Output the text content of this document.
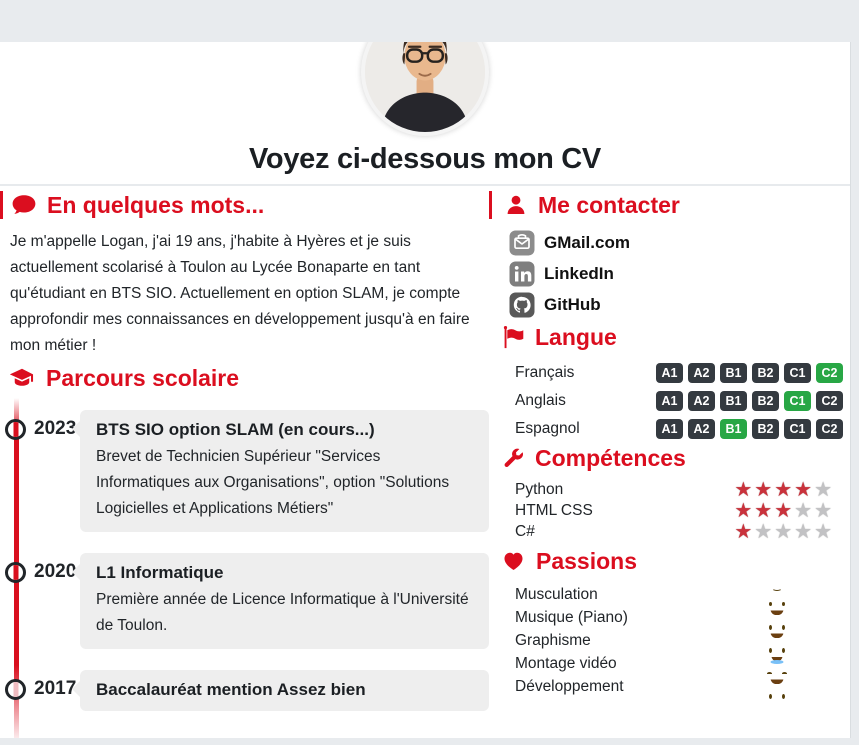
Voyez ci-dessous mon CV
En quelques mots...

Je m'appelle Logan, j'ai 19 ans, j'habite à Hyères et je suis actuellement scolarisé à Toulon au Lycée Bonaparte en tant qu'étudiant en BTS SIO. Actuellement en option SLAM, je compte approfondir mes connaissances en développement jusqu'à en faire mon métier !

Parcours scolaire
2023 BTS SIO option SLAM (en cours...)
Brevet de Technicien Supérieur "Services Informatiques aux Organisations", option "Solutions Logicielles et Applications Métiers"
2020 L1 Informatique
Première année de Licence Informatique à l'Université de Toulon.
2017 Baccalauréat mention Assez bien
Me contacter
GMail.com
LinkedIn
GitHub
Langue
Français	A1	A2	B1	B2	C1	C2
Anglais	A1	A2	B1	B2	C1	C2
Espagnol	A1	A2	B1	B2	C1	C2
Compétences
Python	★ ★ ★ ★ ★
HTML CSS	★ ★ ★ ★ ★
C#	★ ★ ★ ★ ★
Passions
Musculation
Musique (Piano)
Graphisme
Montage vidéo
Développement
